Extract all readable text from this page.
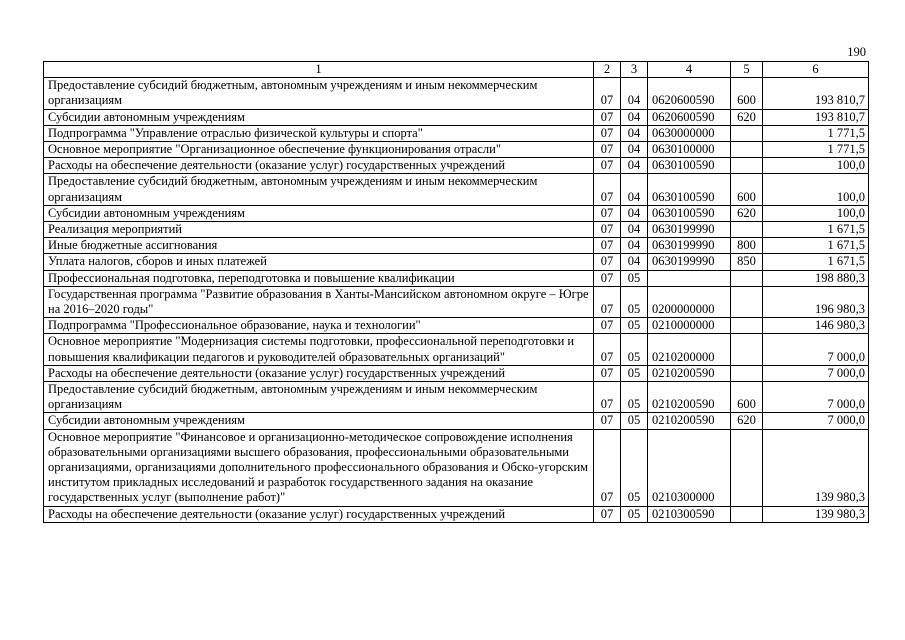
190
1	2	3	4	5	6
Предоставление субсидий бюджетным, автономным учреждениям и иным некоммерческим организациям	07	04	0620600590	600	193 810,7
Субсидии автономным учреждениям	07	04	0620600590	620	193 810,7
Подпрограмма "Управление отраслью физической культуры и спорта"	07	04	0630000000		1 771,5
Основное мероприятие "Организационное обеспечение функционирования отрасли"	07	04	0630100000		1 771,5
Расходы на обеспечение деятельности (оказание услуг) государственных учреждений	07	04	0630100590		100,0
Предоставление субсидий бюджетным, автономным учреждениям и иным некоммерческим организациям	07	04	0630100590	600	100,0
Субсидии автономным учреждениям	07	04	0630100590	620	100,0
Реализация мероприятий	07	04	0630199990		1 671,5
Иные бюджетные ассигнования	07	04	0630199990	800	1 671,5
Уплата налогов, сборов и иных платежей	07	04	0630199990	850	1 671,5
Профессиональная подготовка, переподготовка и повышение квалификации	07	05			198 880,3
Государственная программа "Развитие образования в Ханты-Мансийском автономном округе – Югре на 2016–2020 годы"	07	05	0200000000		196 980,3
Подпрограмма "Профессиональное образование, наука и технологии"	07	05	0210000000		146 980,3
Основное мероприятие "Модернизация системы подготовки, профессиональной переподготовки и повышения квалификации педагогов и руководителей образовательных организаций"	07	05	0210200000		7 000,0
Расходы на обеспечение деятельности (оказание услуг) государственных учреждений	07	05	0210200590		7 000,0
Предоставление субсидий бюджетным, автономным учреждениям и иным некоммерческим организациям	07	05	0210200590	600	7 000,0
Субсидии автономным учреждениям	07	05	0210200590	620	7 000,0
Основное мероприятие "Финансовое и организационно-методическое сопровождение исполнения образовательными организациями высшего образования, профессиональными образовательными организациями, организациями дополнительного профессионального образования и Обско-угорским институтом прикладных исследований и разработок государственного задания на оказание государственных услуг (выполнение работ)"	07	05	0210300000		139 980,3
Расходы на обеспечение деятельности (оказание услуг) государственных учреждений	07	05	0210300590		139 980,3
